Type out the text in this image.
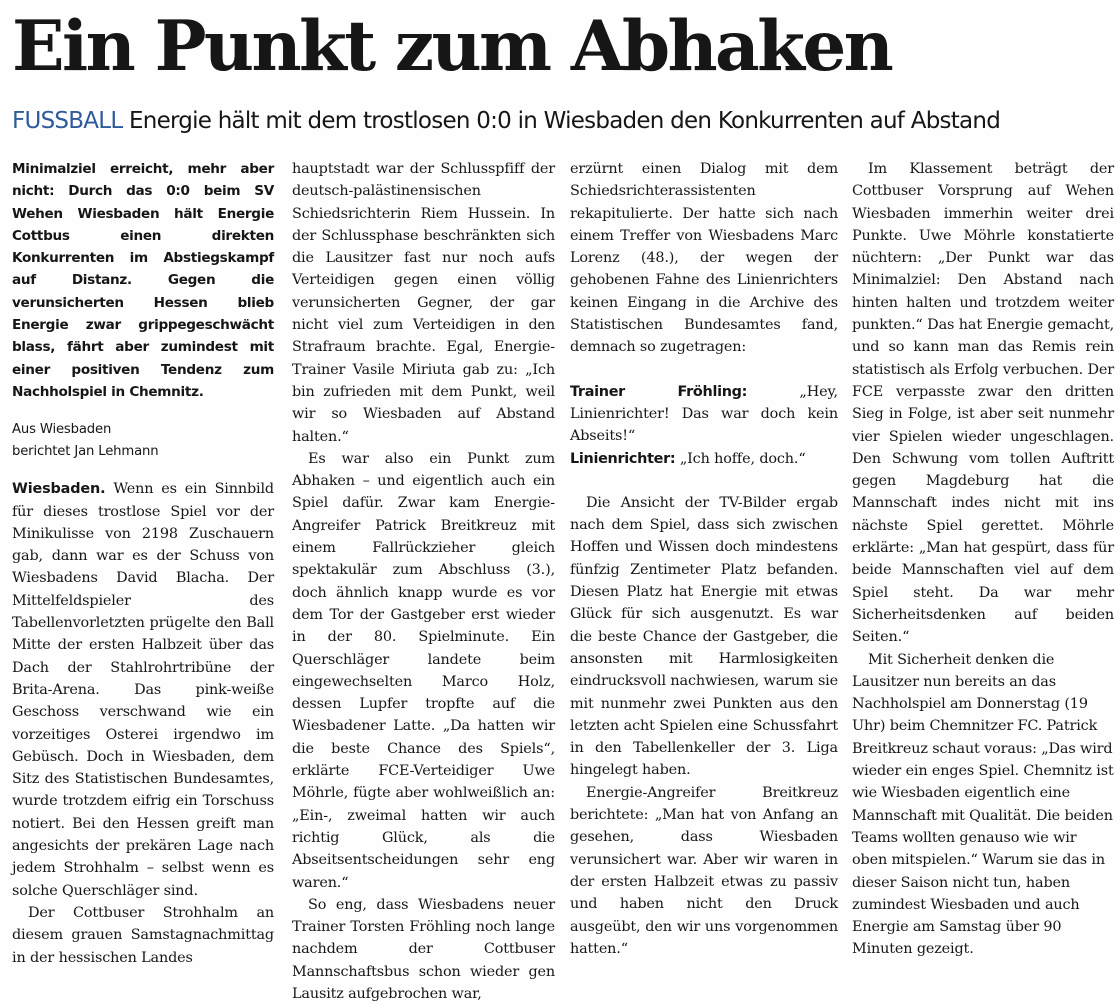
Ein Punkt zum Abhaken
FUSSBALL Energie hält mit dem trostlosen 0:0 in Wiesbaden den Konkurrenten auf Abstand

Minimalziel erreicht, mehr aber nicht: Durch das 0:0 beim SV Wehen Wiesbaden hält Energie Cottbus einen direkten Konkurrenten im Abstiegskampf auf Distanz. Gegen die verunsicherten Hessen blieb Energie zwar grippegeschwächt blass, fährt aber zumindest mit einer positiven Tendenz zum Nachholspiel in Chemnitz.

Aus Wiesbaden
berichtet Jan Lehmann

Wiesbaden. Wenn es ein Sinnbild für dieses trostlose Spiel vor der Minikulisse von 2198 Zuschauern gab, dann war es der Schuss von Wiesbadens David Blacha. Der Mittelfeldspieler des Tabellenvorletzten prügelte den Ball Mitte der ersten Halbzeit über das Dach der Stahlrohrtribüne der Brita-Arena. Das pink-weiße Geschoss verschwand wie ein vorzeitiges Osterei irgendwo im Gebüsch. Doch in Wiesbaden, dem Sitz des Statistischen Bundesamtes, wurde trotzdem eifrig ein Torschuss notiert. Bei den Hessen greift man angesichts der prekären Lage nach jedem Strohhalm – selbst wenn es solche Querschläger sind.

Der Cottbuser Strohhalm an diesem grauen Samstagnachmittag in der hessischen Landes

hauptstadt war der Schlusspfiff der deutsch-palästinensischen Schiedsrichterin Riem Hussein. In der Schlussphase beschränkten sich die Lausitzer fast nur noch aufs Verteidigen gegen einen völlig verunsicherten Gegner, der gar nicht viel zum Verteidigen in den Strafraum brachte. Egal, Energie-Trainer Vasile Miriuta gab zu: „Ich bin zufrieden mit dem Punkt, weil wir so Wiesbaden auf Abstand halten.“

Es war also ein Punkt zum Abhaken – und eigentlich auch ein Spiel dafür. Zwar kam Energie-Angreifer Patrick Breitkreuz mit einem Fallrückzieher gleich spektakulär zum Abschluss (3.), doch ähnlich knapp wurde es vor dem Tor der Gastgeber erst wieder in der 80. Spielminute. Ein Querschläger landete beim eingewechselten Marco Holz, dessen Lupfer tropfte auf die Wiesbadener Latte. „Da hatten wir die beste Chance des Spiels“, erklärte FCE-Verteidiger Uwe Möhrle, fügte aber wohlweißlich an: „Ein-, zweimal hatten wir auch richtig Glück, als die Abseitsentscheidungen sehr eng waren.“

So eng, dass Wiesbadens neuer Trainer Torsten Fröhling noch lange nachdem der Cottbuser Mannschaftsbus schon wieder gen Lausitz aufgebrochen war,

erzürnt einen Dialog mit dem Schiedsrichterassistenten rekapitulierte. Der hatte sich nach einem Treffer von Wiesbadens Marc Lorenz (48.), der wegen der gehobenen Fahne des Linienrichters keinen Eingang in die Archive des Statistischen Bundesamtes fand, demnach so zugetragen:

Trainer Fröhling:	„Hey, Linienrichter! Das war doch kein Abseits!“

Linienrichter: „Ich hoffe, doch.“

Die Ansicht der TV-Bilder ergab nach dem Spiel, dass sich zwischen Hoffen und Wissen doch mindestens fünfzig Zentimeter Platz befanden. Diesen Platz hat Energie mit etwas Glück für sich ausgenutzt. Es war die beste Chance der Gastgeber, die ansonsten mit Harmlosigkeiten eindrucksvoll nachwiesen, warum sie mit nunmehr zwei Punkten aus den letzten acht Spielen eine Schussfahrt in den Tabellenkeller der 3. Liga hingelegt haben.

Energie-Angreifer Breitkreuz berichtete: „Man hat von Anfang an gesehen, dass Wiesbaden verunsichert war. Aber wir waren in der ersten Halbzeit etwas zu passiv und haben nicht den Druck ausgeübt, den wir uns vorgenommen hatten.“

Im Klassement beträgt der Cottbuser Vorsprung auf Wehen Wiesbaden immerhin weiter drei Punkte. Uwe Möhrle konstatierte nüchtern: „Der Punkt war das Minimalziel: Den Abstand nach hinten halten und trotzdem weiter punkten.“ Das hat Energie gemacht, und so kann man das Remis rein statistisch als Erfolg verbuchen. Der FCE verpasste zwar den dritten Sieg in Folge, ist aber seit nunmehr vier Spielen wieder ungeschlagen. Den Schwung vom tollen Auftritt gegen Magdeburg hat die Mannschaft indes nicht mit ins nächste Spiel gerettet. Möhrle erklärte: „Man hat gespürt, dass für beide Mannschaften viel auf dem Spiel steht. Da war mehr Sicherheitsdenken auf beiden Seiten.“

Mit Sicherheit denken die Lausitzer nun bereits an das Nachholspiel am Donnerstag (19 Uhr) beim Chemnitzer FC. Patrick Breitkreuz schaut voraus: „Das wird wieder ein enges Spiel. Chemnitz ist wie Wiesbaden eigentlich eine Mannschaft mit Qualität. Die beiden Teams wollten genauso wie wir oben mitspielen.“ Warum sie das in dieser Saison nicht tun, haben zumindest Wiesbaden und auch Energie am Samstag über 90 Minuten gezeigt.
